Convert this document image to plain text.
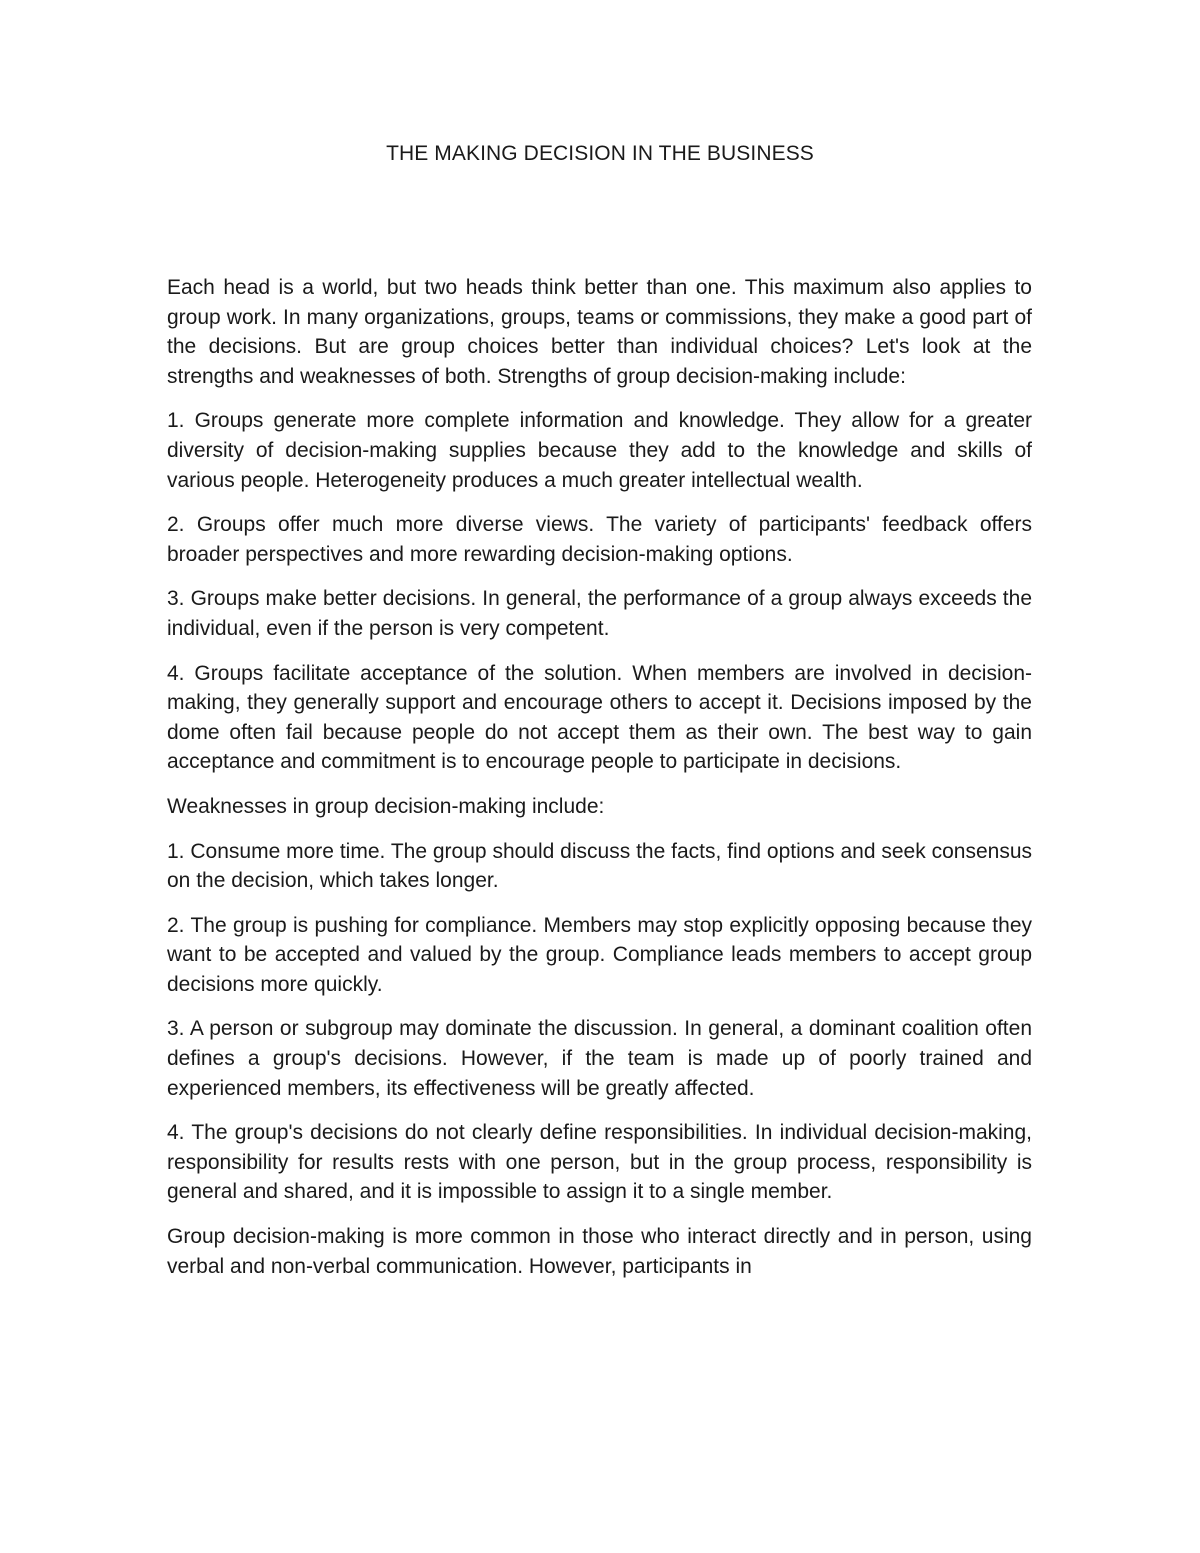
THE MAKING DECISION IN THE BUSINESS

Each head is a world, but two heads think better than one. This maximum also applies to group work. In many organizations, groups, teams or commissions, they make a good part of the decisions. But are group choices better than individual choices? Let's look at the strengths and weaknesses of both. Strengths of group decision-making include:

1. Groups generate more complete information and knowledge. They allow for a greater diversity of decision-making supplies because they add to the knowledge and skills of various people. Heterogeneity produces a much greater intellectual wealth.

2. Groups offer much more diverse views. The variety of participants' feedback offers broader perspectives and more rewarding decision-making options.

3. Groups make better decisions. In general, the performance of a group always exceeds the individual, even if the person is very competent.

4. Groups facilitate acceptance of the solution. When members are involved in decision-making, they generally support and encourage others to accept it. Decisions imposed by the dome often fail because people do not accept them as their own. The best way to gain acceptance and commitment is to encourage people to participate in decisions.

Weaknesses in group decision-making include:

1. Consume more time. The group should discuss the facts, find options and seek consensus on the decision, which takes longer.

2. The group is pushing for compliance. Members may stop explicitly opposing because they want to be accepted and valued by the group. Compliance leads members to accept group decisions more quickly.

3. A person or subgroup may dominate the discussion. In general, a dominant coalition often defines a group's decisions. However, if the team is made up of poorly trained and experienced members, its effectiveness will be greatly affected.

4. The group's decisions do not clearly define responsibilities. In individual decision-making, responsibility for results rests with one person, but in the group process, responsibility is general and shared, and it is impossible to assign it to a single member.

Group decision-making is more common in those who interact directly and in person, using verbal and non-verbal communication. However, participants in
